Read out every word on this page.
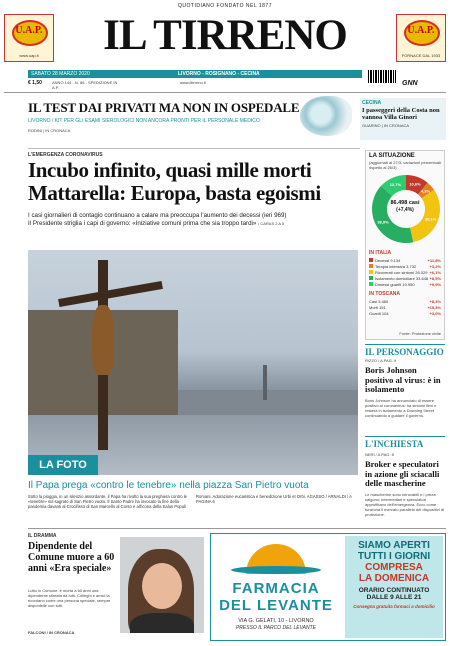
U.A.P.
www.uap.it
U.A.P.
FORNACE DAL 1933
QUOTIDIANO FONDATO NEL 1877
IL TIRRENO
SABATO 28 MARZO 2020	LIVORNO - ROSIGNANO - CECINA
€ 1,50	ANNO 144 - N. 86 - SPEDIZIONE IN A.P.
www.iltirreno.it	GNN
IL TEST DAI PRIVATI MA NON IN OSPEDALE
LIVORNO / KIT PER GLI ESAMI SIEROLOGICI NON ANCORA PRONTI PER IL PERSONALE MEDICO
RODINI | IN CRONACA
CECINA
I passeggeri della Costa non vannoa Villa Ginori
GUARINO | IN CRONACA
L'EMERGENZA CORONAVIRUS
Incubo infinito, quasi mille morti
Mattarella: Europa, basta egoismi
I casi giornalieri di contagio continuano a calare ma preoccupa l'aumento dei decessi (ieri 969)
Il Presidente striglia i capi di governo: «Iniziative comuni prima che sia troppo tardi» / CARAS 2 A 5
LA SITUAZIONE
(aggiornati al 27/3, variazioni percentuali rispetto al 26/3)
10,6%
4,3%
30,1%
38,9%
12,7%
86.498 casi
(+7,4%)
IN ITALIA
Decessi 9.134	+11,8%
Terapia intensiva 3.732	+3,2%
Ricoverati con sintomi 26.029 +6,1%
Isolamento domiciliare 33.648 +8,5%
Dimessi guariti 10.950	+9,9%
IN TOSCANA
Casi 3.480	+8,3%
Morti 151	+15,3%
Guariti 104	+3,0%
Fonte: Protezione civile
LA FOTO
Il Papa prega «contro le tenebre» nella piazza San Pietro vuota
Sotto la pioggia, in un silenzio assordante, il Papa ha rivolto la sua preghiera contro le «tenebre» sul sagrato di San Pietro vuoto. Il Santo Padre ha invocato la fine della pandemia davanti al Crocifisso di San Marcello al Corso e all'icona della Salus Populi Romani. Adorazione eucaristica e benedizione Urbi et Orbi. AGASSO / ARNALDI / A PAGINA 6
IL PERSONAGGIO
RIZZO / A PAG. 9
Boris Johnson positivo al virus: è in isolamento
Boris Johnson ha annunciato di essere positivo al coronavirus: ha sintomi lievi e resterà in isolamento a Downing Street continuando a guidare il governo.
L'INCHIESTA
NERI / A PAG. 8
Broker e speculatori in azione gli sciacalli delle mascherine
Le mascherine sono introvabili e i prezzi salgono: intermediari e speculatori approfittano dell'emergenza. Ecco come funziona il mercato parallelo dei dispositivi di protezione.
IL DRAMMA
Dipendente del Comune muore a 60 anni «Era speciale»
Lutto in Comune: è morta a 60 anni una dipendente stimata da tutti. Colleghi e amici la ricordano come una persona speciale, sempre disponibile con tutti.
FALCONI / IN CRONACA
FARMACIA
DEL LEVANTE
VIA G. GELATI, 10 - LIVORNO
PRESSO IL PARCO DEL LEVANTE
SIAMO APERTI
TUTTI I GIORNI
COMPRESA
LA DOMENICA
ORARIO CONTINUATO
DALLE 9 ALLE 21
Consegna gratuita farmaci a domicilio
